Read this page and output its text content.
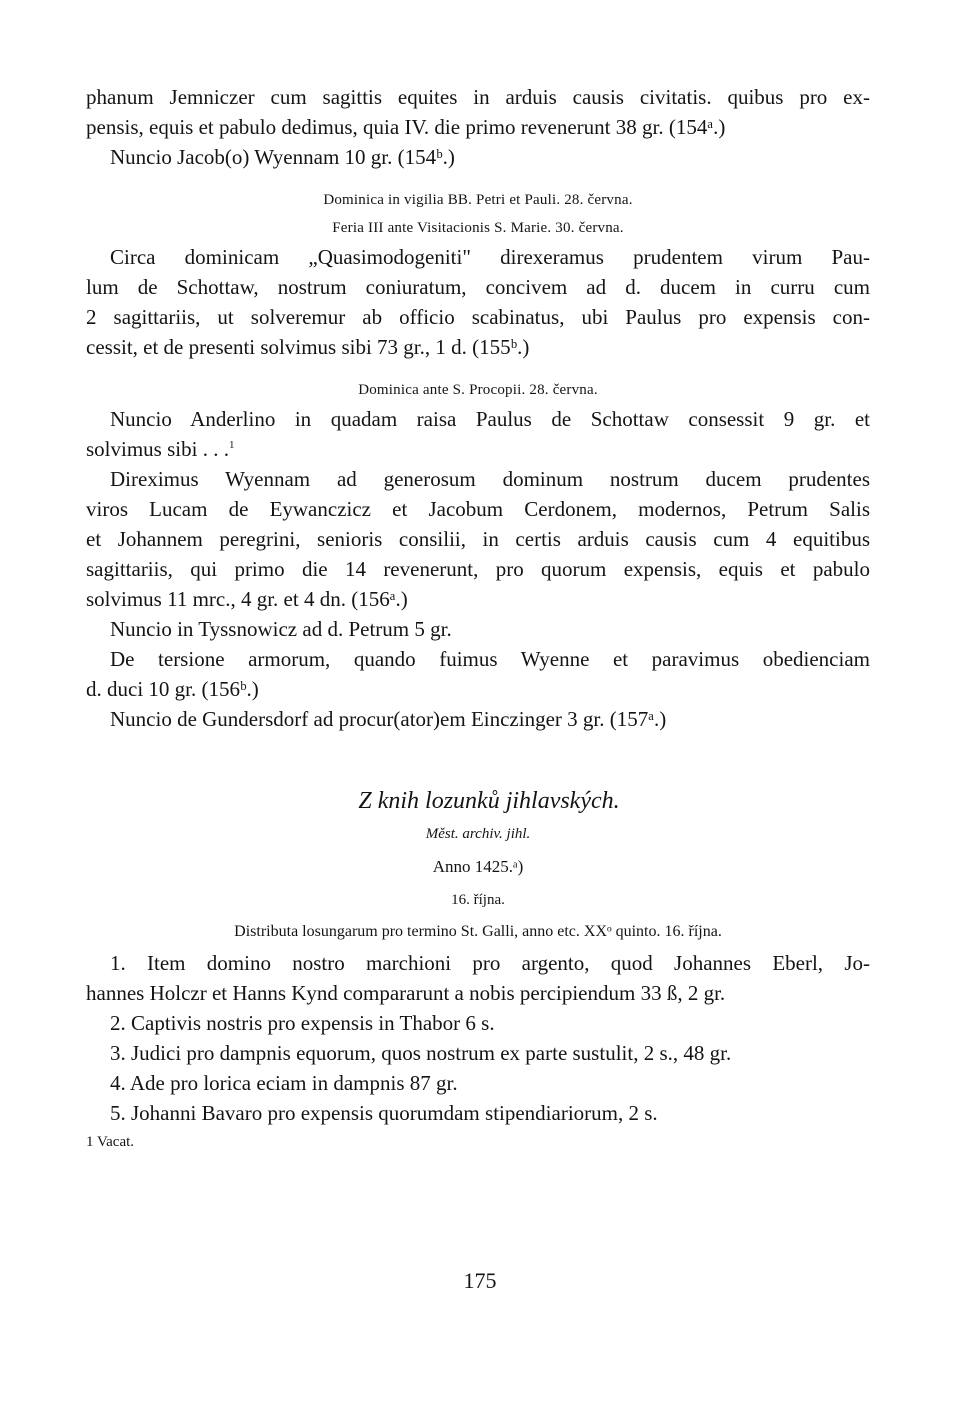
phanum Jemniczer cum sagittis equites in arduis causis civitatis. quibus pro ex-
pensis, equis et pabulo dedimus, quia IV. die primo revenerunt 38 gr. (154ᵃ.)
Nuncio Jacob(o) Wyennam 10 gr. (154ᵇ.)
Dominica in vigilia BB. Petri et Pauli. 28. června.
Feria III ante Visitacionis S. Marie. 30. června.
Circa dominicam „Quasimodogeniti" direxeramus prudentem virum Pau-
lum de Schottaw, nostrum coniuratum, concivem ad d. ducem in curru cum
2 sagittariis, ut solveremur ab officio scabinatus, ubi Paulus pro expensis con-
cessit, et de presenti solvimus sibi 73 gr., 1 d. (155ᵇ.)
Dominica ante S. Procopii. 28. června.
Nuncio Anderlino in quadam raisa Paulus de Schottaw consessit 9 gr. et
solvimus sibi . . .$^1$
Direximus Wyennam ad generosum dominum nostrum ducem prudentes
viros Lucam de Eywanczicz et Jacobum Cerdonem, modernos, Petrum Salis
et Johannem peregrini, senioris consilii, in certis arduis causis cum 4 equitibus
sagittariis, qui primo die 14 revenerunt, pro quorum expensis, equis et pabulo
solvimus 11 mrc., 4 gr. et 4 dn. (156ᵃ.)
Nuncio in Tyssnowicz ad d. Petrum 5 gr.
De tersione armorum, quando fuimus Wyenne et paravimus obedienciam
d. duci 10 gr. (156ᵇ.)
Nuncio de Gundersdorf ad procur(ator)em Einczinger 3 gr. (157ᵃ.)
Z knih lozunků jihlavských.
Měst. archiv. jihl.
Anno 1425.ᵃ)
16. října.
Distributa losungarum pro termino St. Galli, anno etc. XXᵒ quinto. 16. října.
1. Item domino nostro marchioni pro argento, quod Johannes Eberl, Jo-
hannes Holczr et Hanns Kynd compararunt a nobis percipiendum 33 ß, 2 gr.
2. Captivis nostris pro expensis in Thabor 6 s.
3. Judici pro dampnis equorum, quos nostrum ex parte sustulit, 2 s., 48 gr.
4. Ade pro lorica eciam in dampnis 87 gr.
5. Johanni Bavaro pro expensis quorumdam stipendiariorum, 2 s.
1 Vacat.
175
